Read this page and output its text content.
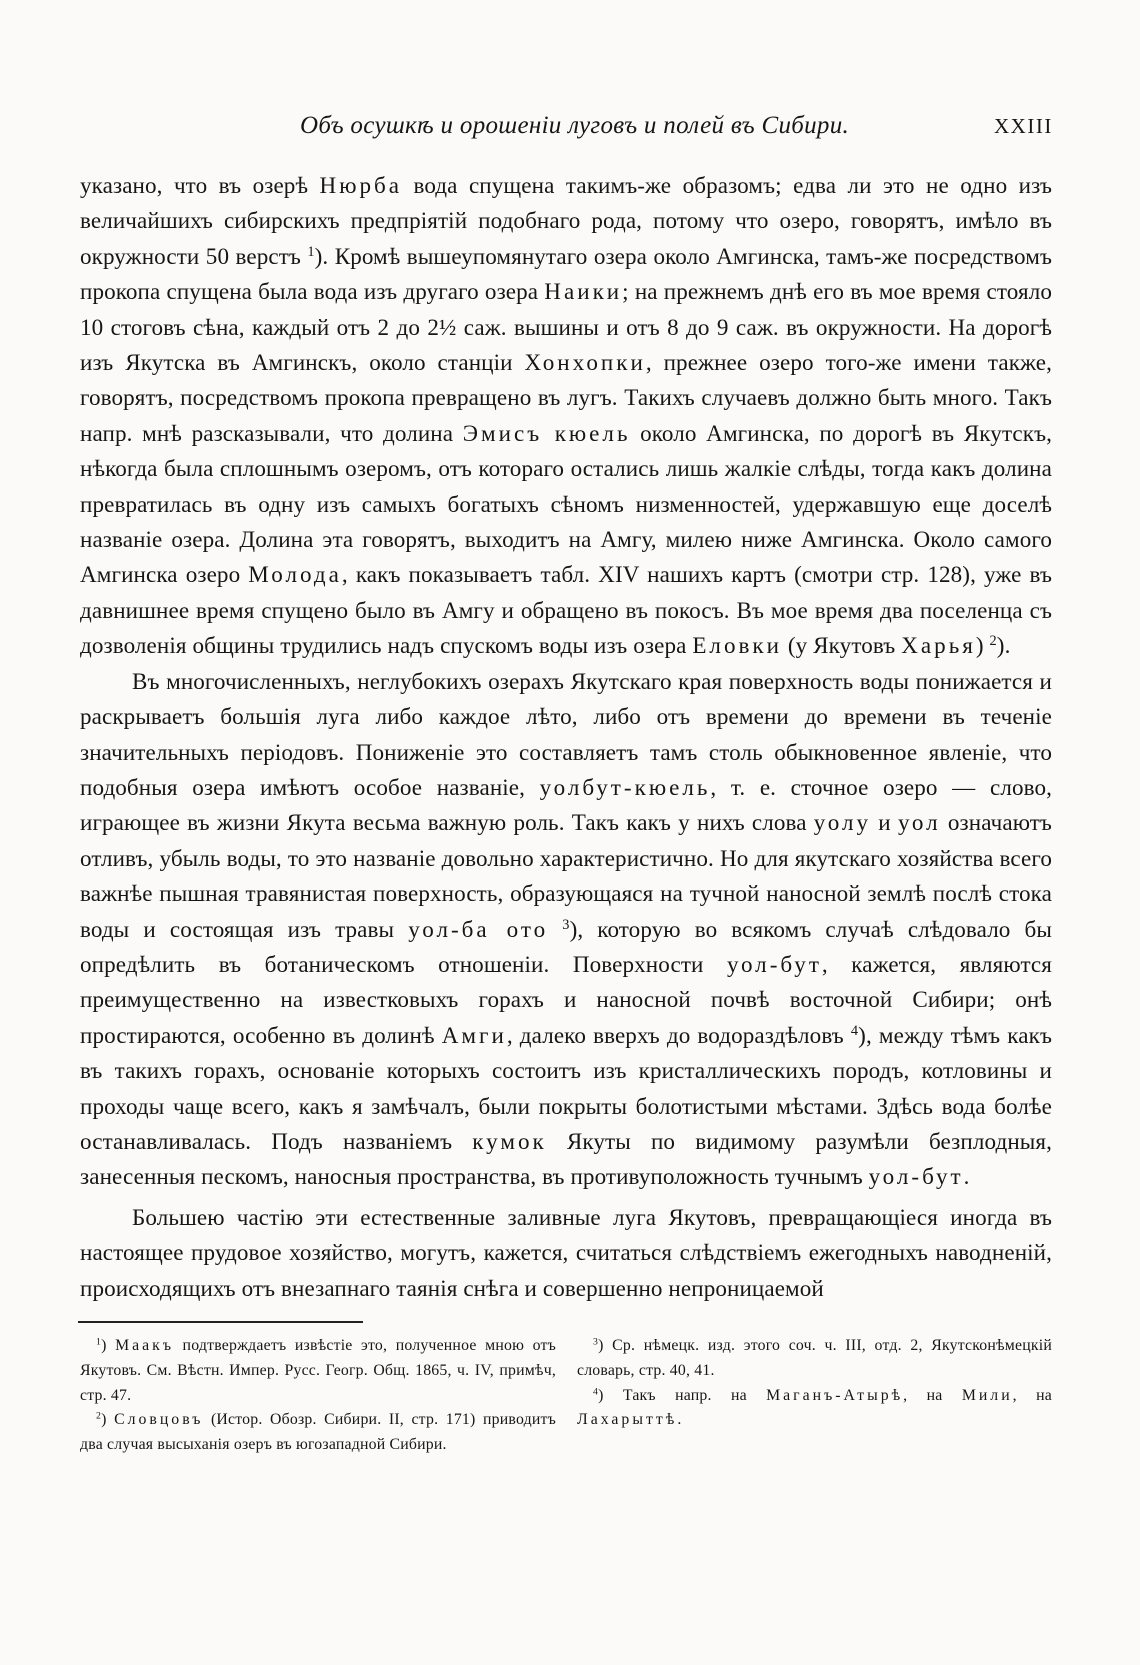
Объ осушкѣ и орошеніи луговъ и полей въ Сибири.	XXIII

указано, что въ озерѣ Нюрба вода спущена такимъ-же образомъ; едва ли это не одно изъ величайшихъ сибирскихъ предпріятій подобнаго рода, потому что озеро, говорятъ, имѣло въ окружности 50 верстъ $^1$). Кромѣ вышеупомянутаго озера около Амгинска, тамъ-же посредствомъ прокопа спущена была вода изъ другаго озера Наики; на прежнемъ днѣ его въ мое время стояло 10 стоговъ сѣна, каждый отъ 2 до 2½ саж. вышины и отъ 8 до 9 саж. въ окружности. На дорогѣ изъ Якутска въ Амгинскъ, около станціи Хонхопки, прежнее озеро того-же имени также, говорятъ, посредствомъ прокопа превращено въ лугъ. Такихъ случаевъ должно быть много. Такъ напр. мнѣ разсказывали, что долина Эмисъ кюель около Амгинска, по дорогѣ въ Якутскъ, нѣкогда была сплошнымъ озеромъ, отъ котораго остались лишь жалкіе слѣды, тогда какъ долина превратилась въ одну изъ самыхъ богатыхъ сѣномъ низменностей, удержавшую еще доселѣ названіе озера. Долина эта говорятъ, выходитъ на Амгу, милею ниже Амгинска. Около самого Амгинска озеро Молода, какъ показываетъ табл. XIV нашихъ картъ (смотри стр. 128), уже въ давнишнее время спущено было въ Амгу и обращено въ покосъ. Въ мое время два поселенца съ дозволенія общины трудились надъ спускомъ воды изъ озера Еловки (у Якутовъ Харья) $^2$).

Въ многочисленныхъ, неглубокихъ озерахъ Якутскаго края поверхность воды понижается и раскрываетъ большія луга либо каждое лѣто, либо отъ времени до времени въ теченіе значительныхъ періодовъ. Пониженіе это составляетъ тамъ столь обыкновенное явленіе, что подобныя озера имѣютъ особое названіе, уолбут-кюель, т. е. сточное озеро — слово, играющее въ жизни Якута весьма важную роль. Такъ какъ у нихъ слова уолу и уол означаютъ отливъ, убыль воды, то это названіе довольно характеристично. Но для якутскаго хозяйства всего важнѣе пышная травянистая поверхность, образующаяся на тучной наносной землѣ послѣ стока воды и состоящая изъ травы уол-ба ото $^3$), которую во всякомъ случаѣ слѣдовало бы опредѣлить въ ботаническомъ отношеніи. Поверхности уол-бут, кажется, являются преимущественно на известковыхъ горахъ и наносной почвѣ восточной Сибири; онѣ простираются, особенно въ долинѣ Амги, далеко вверхъ до водораздѣловъ $^4$), между тѣмъ какъ въ такихъ горахъ, основаніе которыхъ состоитъ изъ кристаллическихъ породъ, котловины и проходы чаще всего, какъ я замѣчалъ, были покрыты болотистыми мѣстами. Здѣсь вода болѣе останавливалась. Подъ названіемъ кумок Якуты по видимому разумѣли безплодныя, занесенныя пескомъ, наносныя пространства, въ противуположность тучнымъ уол-бут.

Большею частію эти естественные заливные луга Якутовъ, превращающіеся иногда въ настоящее прудовое хозяйство, могутъ, кажется, считаться слѣдствіемъ ежегодныхъ наводненій, происходящихъ отъ внезапнаго таянія снѣга и совершенно непроницаемой

$^1$) Маакъ подтверждаетъ извѣстіе это, полученное мною отъ Якутовъ. См. Вѣстн. Импер. Русс. Геогр. Общ. 1865, ч. IV, примѣч, стр. 47.

$^2$) Словцовъ (Истор. Обозр. Сибири. II, стр. 171) приводитъ два случая высыханія озеръ въ югозападной Сибири.

$^3$) Ср. нѣмецк. изд. этого соч. ч. III, отд. 2, Якутсконѣмецкій словарь, стр. 40, 41.

$^4$) Такъ напр. на Маганъ-Атырѣ, на Мили, на Лахарыттѣ.
